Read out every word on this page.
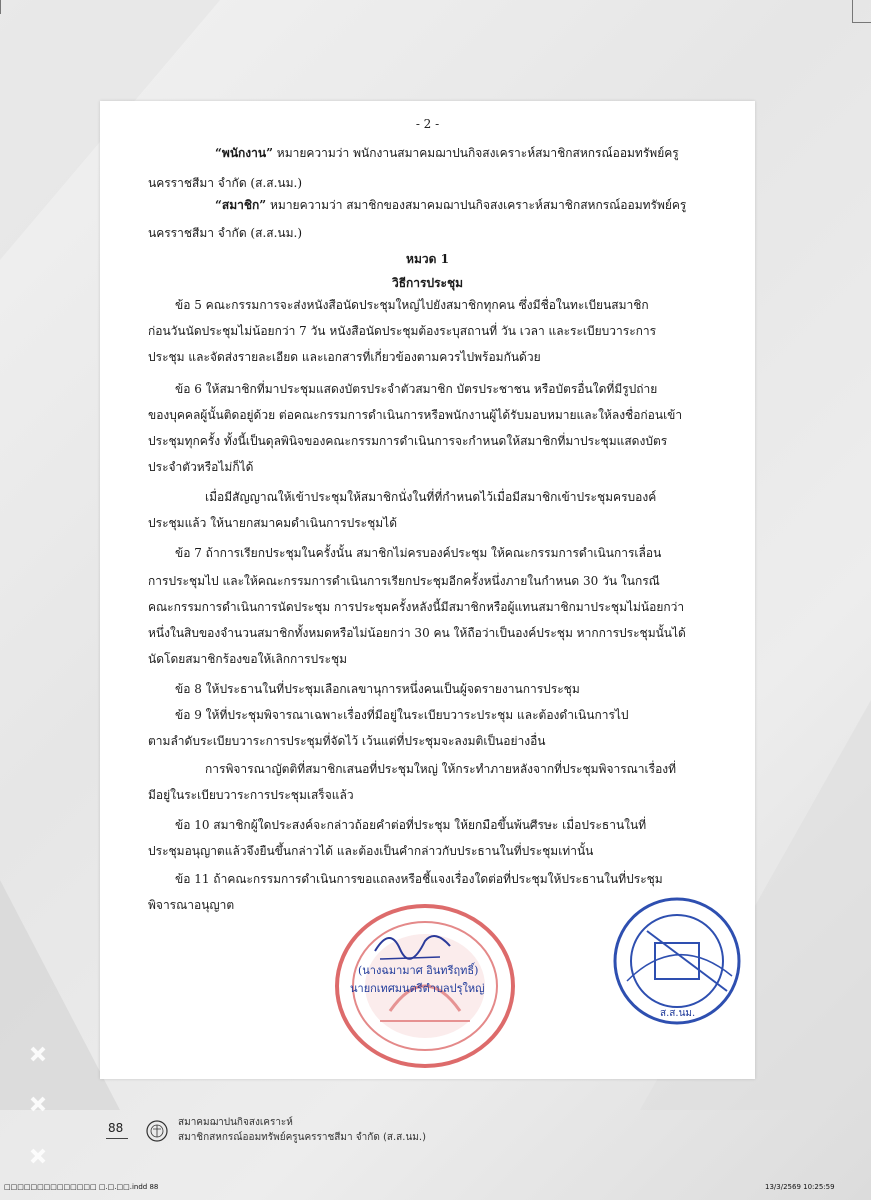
- 2 -
“พนักงาน” หมายความว่า พนักงานสมาคมฌาปนกิจสงเคราะห์สมาชิกสหกรณ์ออมทรัพย์ครู
นครราชสีมา จำกัด (ส.ส.นม.)
“สมาชิก” หมายความว่า สมาชิกของสมาคมฌาปนกิจสงเคราะห์สมาชิกสหกรณ์ออมทรัพย์ครู
นครราชสีมา จำกัด (ส.ส.นม.)
หมวด 1
วิธีการประชุม
ข้อ 5 คณะกรรมการจะส่งหนังสือนัดประชุมใหญ่ไปยังสมาชิกทุกคน ซึ่งมีชื่อในทะเบียนสมาชิก
ก่อนวันนัดประชุมไม่น้อยกว่า 7 วัน หนังสือนัดประชุมต้องระบุสถานที่ วัน เวลา และระเบียบวาระการ
ประชุม และจัดส่งรายละเอียด และเอกสารที่เกี่ยวข้องตามควรไปพร้อมกันด้วย
ข้อ 6 ให้สมาชิกที่มาประชุมแสดงบัตรประจำตัวสมาชิก บัตรประชาชน หรือบัตรอื่นใดที่มีรูปถ่าย
ของบุคคลผู้นั้นติดอยู่ด้วย ต่อคณะกรรมการดำเนินการหรือพนักงานผู้ได้รับมอบหมายและให้ลงชื่อก่อนเข้า
ประชุมทุกครั้ง ทั้งนี้เป็นดุลพินิจของคณะกรรมการดำเนินการจะกำหนดให้สมาชิกที่มาประชุมแสดงบัตร
ประจำตัวหรือไม่ก็ได้
เมื่อมีสัญญาณให้เข้าประชุมให้สมาชิกนั่งในที่ที่กำหนดไว้เมื่อมีสมาชิกเข้าประชุมครบองค์
ประชุมแล้ว ให้นายกสมาคมดำเนินการประชุมได้
ข้อ 7 ถ้าการเรียกประชุมในครั้งนั้น สมาชิกไม่ครบองค์ประชุม ให้คณะกรรมการดำเนินการเลื่อน
การประชุมไป และให้คณะกรรมการดำเนินการเรียกประชุมอีกครั้งหนึ่งภายในกำหนด 30 วัน ในกรณี
คณะกรรมการดำเนินการนัดประชุม การประชุมครั้งหลังนี้มีสมาชิกหรือผู้แทนสมาชิกมาประชุมไม่น้อยกว่า
หนึ่งในสิบของจำนวนสมาชิกทั้งหมดหรือไม่น้อยกว่า 30 คน ให้ถือว่าเป็นองค์ประชุม หากการประชุมนั้นได้
นัดโดยสมาชิกร้องขอให้เลิกการประชุม
ข้อ 8 ให้ประธานในที่ประชุมเลือกเลขานุการหนึ่งคนเป็นผู้จดรายงานการประชุม
ข้อ 9 ให้ที่ประชุมพิจารณาเฉพาะเรื่องที่มีอยู่ในระเบียบวาระประชุม และต้องดำเนินการไป
ตามลำดับระเบียบวาระการประชุมที่จัดไว้ เว้นแต่ที่ประชุมจะลงมติเป็นอย่างอื่น
การพิจารณาญัตติที่สมาชิกเสนอที่ประชุมใหญ่ ให้กระทำภายหลังจากที่ประชุมพิจารณาเรื่องที่
มีอยู่ในระเบียบวาระการประชุมเสร็จแล้ว
ข้อ 10 สมาชิกผู้ใดประสงค์จะกล่าวถ้อยคำต่อที่ประชุม ให้ยกมือขึ้นพ้นศีรษะ เมื่อประธานในที่
ประชุมอนุญาตแล้วจึงยืนขึ้นกล่าวได้ และต้องเป็นคำกล่าวกับประธานในที่ประชุมเท่านั้น
ข้อ 11 ถ้าคณะกรรมการดำเนินการขอแถลงหรือชี้แจงเรื่องใดต่อที่ประชุมให้ประธานในที่ประชุม
พิจารณาอนุญาต
(นางฉมามาศ อินทรีฤทธิ์)
นายกเทศมนตรีตำบลปรุใหญ่
ส.ส.นม.
88	สมาคมฌาปนกิจสงเคราะห์
สมาชิกสหกรณ์ออมทรัพย์ครูนครราชสีมา จำกัด (ส.ส.นม.)
□□□□□□□□□□□□□□ □.□.□□.indd 88	13/3/2569 10:25:59
